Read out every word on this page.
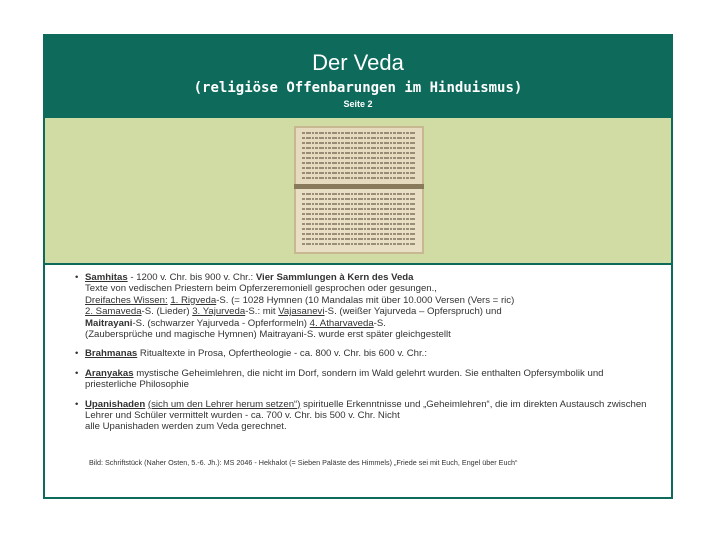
Der Veda
(religiöse Offenbarungen im Hinduismus)
Seite 2
• Samhitas - 1200 v. Chr. bis 900 v. Chr.: Vier Sammlungen à Kern des Veda
Texte von vedischen Priestern beim Opferzeremoniell gesprochen oder gesungen.,
Dreifaches Wissen: 1. Rigveda-S. (= 1028 Hymnen (10 Mandalas mit über 10.000 Versen (Vers = ric)
2. Samaveda-S. (Lieder) 3. Yajurveda-S.: mit Vajasanevi-S. (weißer Yajurveda – Opferspruch) und
Maitrayani-S. (schwarzer Yajurveda - Opferformeln) 4. Atharvaveda-S.
(Zaubersprüche und magische Hymnen) Maitrayani-S. wurde erst später gleichgestellt
• Brahmanas Ritualtexte in Prosa, Opfertheologie - ca. 800 v. Chr. bis 600 v. Chr.:
• Aranyakas mystische Geheimlehren, die nicht im Dorf, sondern im Wald gelehrt wurden. Sie enthalten Opfersymbolik und priesterliche Philosophie
• Upanishaden (sich um den Lehrer herum setzen“) spirituelle Erkenntnisse und „Geheimlehren“, die im direkten Austausch zwischen Lehrer und Schüler vermittelt wurden - ca. 700 v. Chr. bis 500 v. Chr. Nicht
alle Upanishaden werden zum Veda gerechnet.
Bild: Schriftstück (Naher Osten, 5.-6. Jh.): MS 2046 - Hekhalot (= Sieben Paläste des Himmels) „Friede sei mit Euch, Engel über Euch“
